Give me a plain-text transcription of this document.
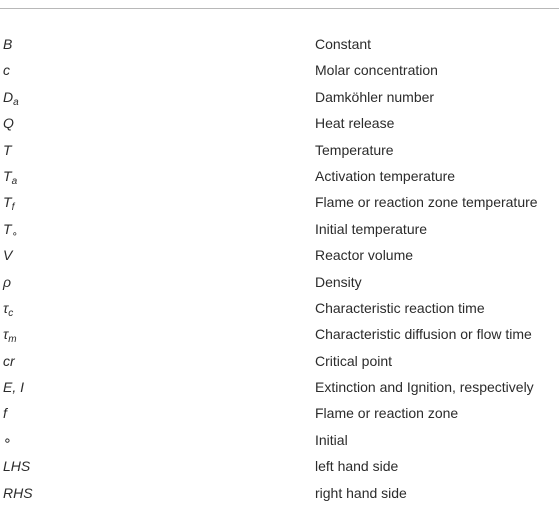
B	Constant
c	Molar concentration
$D_a$	Damköhler number
Q	Heat release
T	Temperature
$T_a$	Activation temperature
$T_f$	Flame or reaction zone temperature
$T_\circ$	Initial temperature
V	Reactor volume
ρ	Density
$\tau_c$	Characteristic reaction time
$\tau_m$	Characteristic diffusion or flow time
cr	Critical point
E, I	Extinction and Ignition, respectively
f	Flame or reaction zone
∘	Initial
LHS	left hand side
RHS	right hand side
